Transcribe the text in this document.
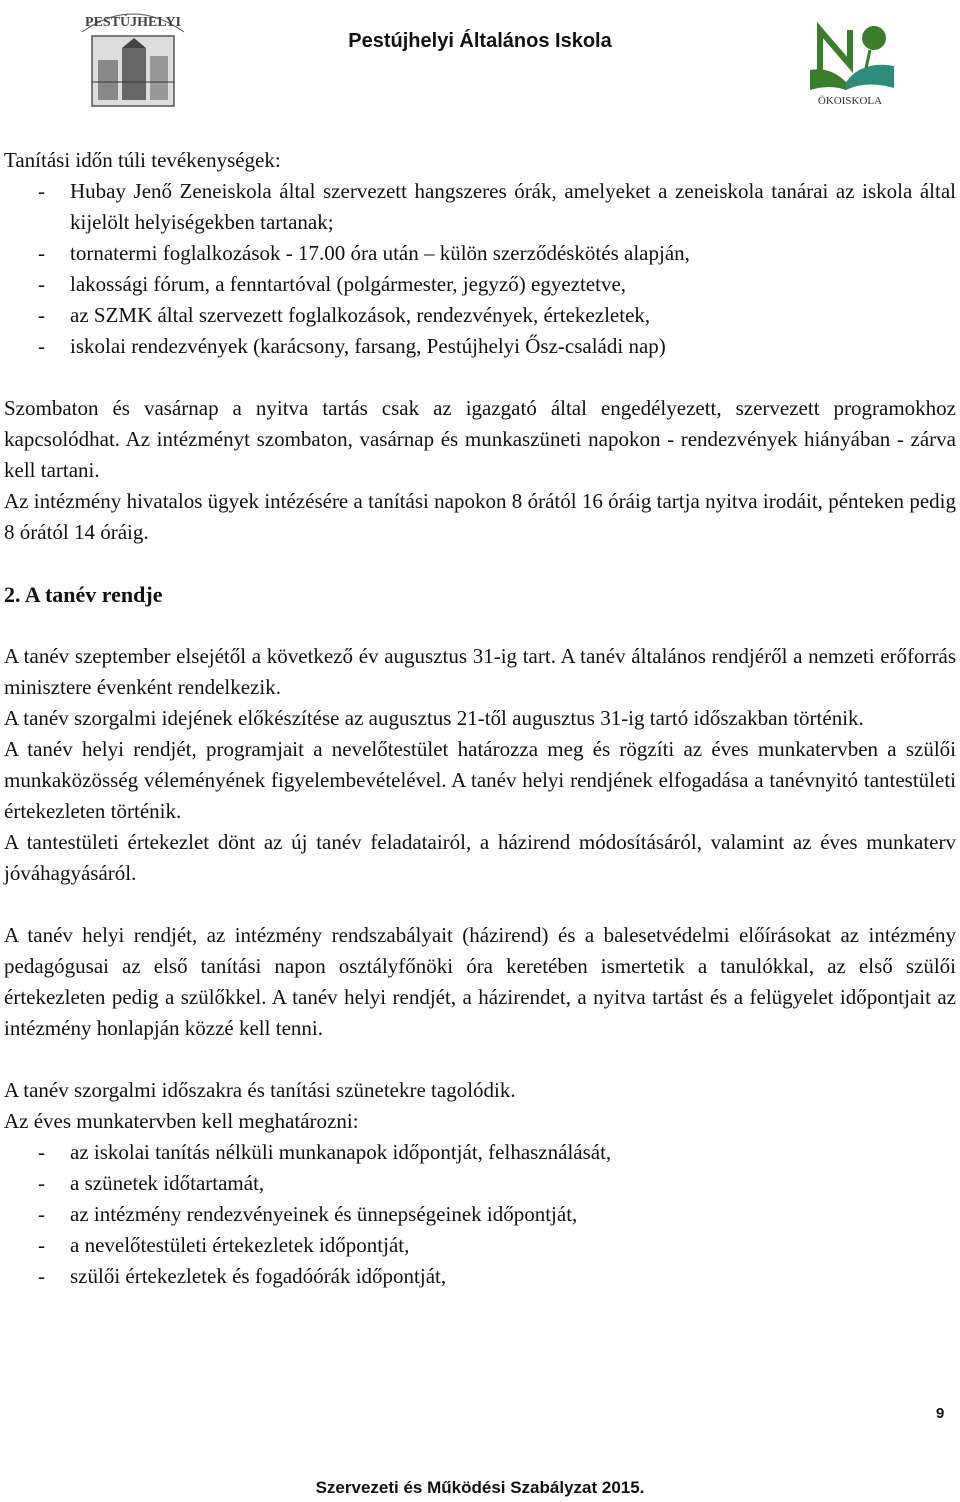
PESTÚJHELYI
Pestújhelyi Általános Iskola
ÖKOISKOLA

Tanítási időn túli tevékenységek:

- Hubay Jenő Zeneiskola által szervezett hangszeres órák, amelyeket a zeneiskola tanárai az iskola által kijelölt helyiségekben tartanak;
- tornatermi foglalkozások - 17.00 óra után – külön szerződéskötés alapján,
- lakossági fórum, a fenntartóval (polgármester, jegyző) egyeztetve,
- az SZMK által szervezett foglalkozások, rendezvények, értekezletek,
- iskolai rendezvények (karácsony, farsang, Pestújhelyi Ősz-családi nap)

Szombaton és vasárnap a nyitva tartás csak az igazgató által engedélyezett, szervezett programokhoz kapcsolódhat. Az intézményt szombaton, vasárnap és munkaszüneti napokon - rendezvények hiányában - zárva kell tartani.

Az intézmény hivatalos ügyek intézésére a tanítási napokon 8 órától 16 óráig tartja nyitva irodáit, pénteken pedig 8 órától 14 óráig.

2. A tanév rendje

A tanév szeptember elsejétől a következő év augusztus 31-ig tart. A tanév általános rendjéről a nemzeti erőforrás minisztere évenként rendelkezik.

A tanév szorgalmi idejének előkészítése az augusztus 21-től augusztus 31-ig tartó időszakban történik.

A tanév helyi rendjét, programjait a nevelőtestület határozza meg és rögzíti az éves munkatervben a szülői munkaközösség véleményének figyelembevételével. A tanév helyi rendjének elfogadása a tanévnyitó tantestületi értekezleten történik.

A tantestületi értekezlet dönt az új tanév feladatairól, a házirend módosításáról, valamint az éves munkaterv jóváhagyásáról.

A tanév helyi rendjét, az intézmény rendszabályait (házirend) és a balesetvédelmi előírásokat az intézmény pedagógusai az első tanítási napon osztályfőnöki óra keretében ismertetik a tanulókkal, az első szülői értekezleten pedig a szülőkkel. A tanév helyi rendjét, a házirendet, a nyitva tartást és a felügyelet időpontjait az intézmény honlapján közzé kell tenni.

A tanév szorgalmi időszakra és tanítási szünetekre tagolódik.

Az éves munkatervben kell meghatározni:

- az iskolai tanítás nélküli munkanapok időpontját, felhasználását,
- a szünetek időtartamát,
- az intézmény rendezvényeinek és ünnepségeinek időpontját,
- a nevelőtestületi értekezletek időpontját,
- szülői értekezletek és fogadóórák időpontját,
9
Szervezeti és Működési Szabályzat 2015.
